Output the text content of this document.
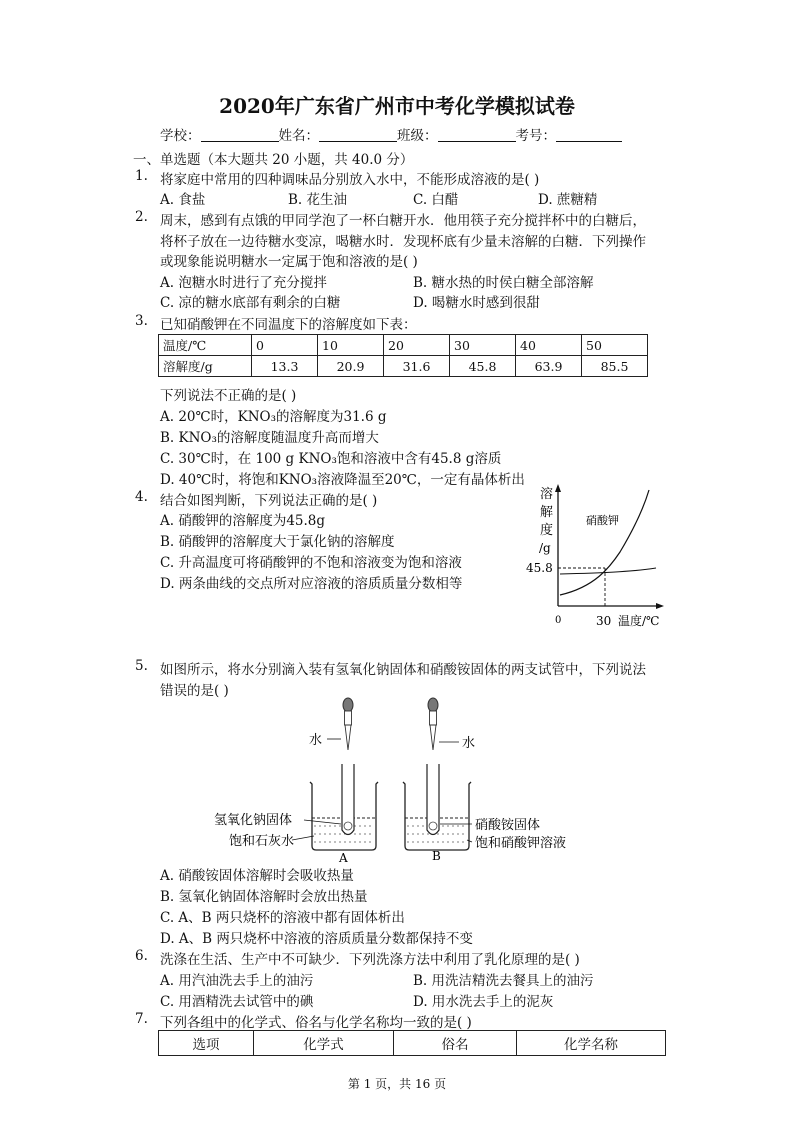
2020年广东省广州市中考化学模拟试卷
学校：	姓名：	班级：	考号：
一、单选题（本大题共 20 小题，共 40.0 分）
1. 将家庭中常用的四种调味品分别放入水中，不能形成溶液的是( )
A. 食盐	B. 花生油	C. 白醋	D. 蔗糖精
2. 周末，感到有点饿的甲同学泡了一杯白糖开水．他用筷子充分搅拌杯中的白糖后，
将杯子放在一边待糖水变凉，喝糖水时．发现杯底有少量未溶解的白糖．下列操作
或现象能说明糖水一定属于饱和溶液的是( )
A. 泡糖水时进行了充分搅拌	B. 糖水热的时侯白糖全部溶解
C. 凉的糖水底部有剩余的白糖	D. 喝糖水时感到很甜
3. 已知硝酸钾在不同温度下的溶解度如下表：
温度/℃	0	10	20	30	40	50
溶解度/g	13.3	20.9	31.6	45.8	63.9	85.5
下列说法不正确的是( )
A. 20℃时，KNO₃的溶解度为31.6 g
B. KNO₃的溶解度随温度升高而增大
C. 30℃时，在 100 g KNO₃饱和溶液中含有45.8 g溶质
D. 40℃时，将饱和KNO₃溶液降温至20℃，一定有晶体析出
4. 结合如图判断，下列说法正确的是( )
A. 硝酸钾的溶解度为45.8g
B. 硝酸钾的溶解度大于氯化钠的溶解度
C. 升高温度可将硝酸钾的不饱和溶液变为饱和溶液
D. 两条曲线的交点所对应溶液的溶质质量分数相等
溶
解
度
/g
硝酸钾
45.8
0	30 温度/℃
5. 如图所示，将水分别滴入装有氢氧化钠固体和硝酸铵固体的两支试管中，下列说法
错误的是( )
水	水
氢氧化钠固体
饱和石灰水
A
硝酸铵固体
饱和硝酸钾溶液
B
A. 硝酸铵固体溶解时会吸收热量
B. 氢氧化钠固体溶解时会放出热量
C. A、B 两只烧杯的溶液中都有固体析出
D. A、B 两只烧杯中溶液的溶质质量分数都保持不变
6. 洗涤在生活、生产中不可缺少．下列洗涤方法中利用了乳化原理的是( )
A. 用汽油洗去手上的油污	B. 用洗洁精洗去餐具上的油污
C. 用酒精洗去试管中的碘	D. 用水洗去手上的泥灰
7. 下列各组中的化学式、俗名与化学名称均一致的是( )
选项	化学式	俗名	化学名称
第 1 页，共 16 页
